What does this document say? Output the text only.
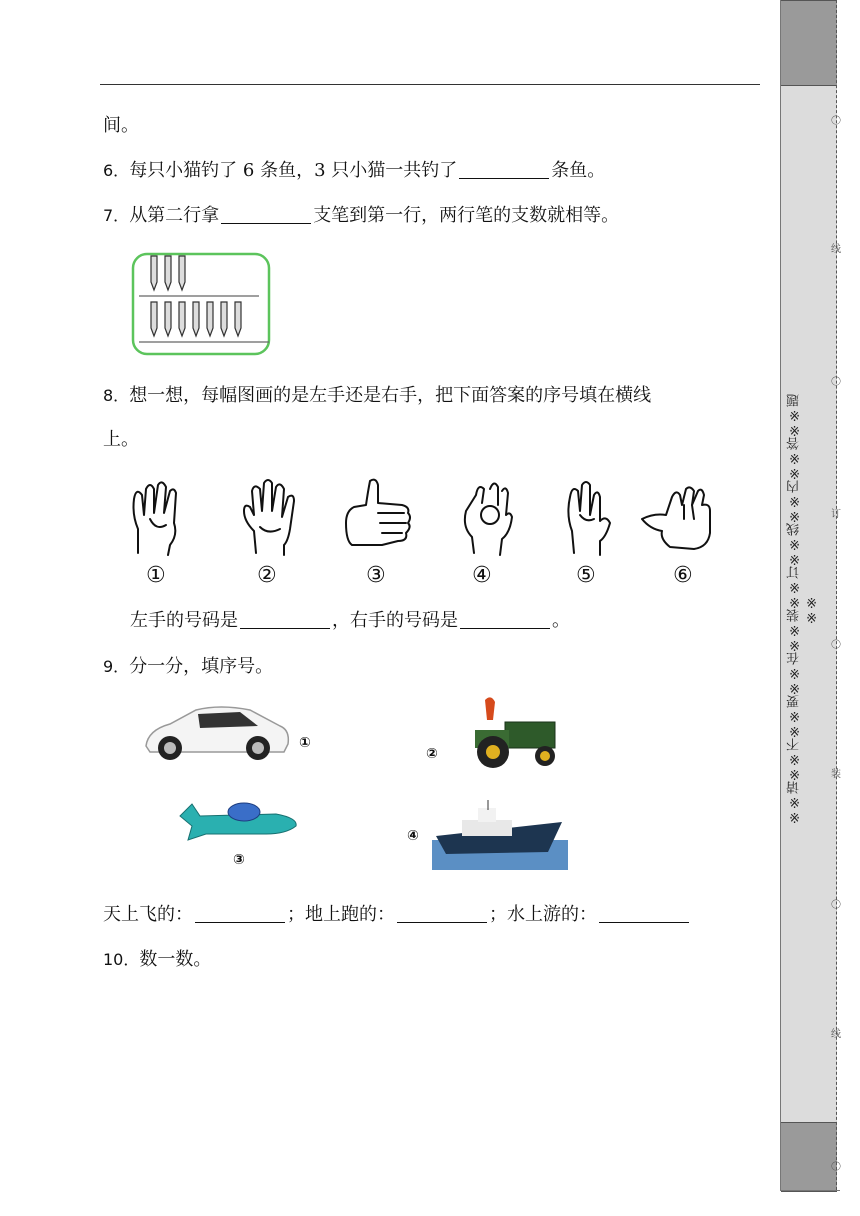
间。
6．每只小猫钓了 6 条鱼，3 只小猫一共钓了	条鱼。
7．从第二行拿	支笔到第一行，两行笔的支数就相等。
8．想一想，每幅图画的是左手还是右手，把下面答案的序号填在横线
上。
①	②	③	④	⑤	⑥
左手的号码是	，右手的号码是	。
9．分一分，填序号。
①
②
③
④
天上飞的：	；地上跑的：	；水上游的：
10．数一数。
※※请※※不※※要※※在※※装※※订※※线※※内※※答※※题※※
〇
线
〇
订
〇
装
〇
线
〇
